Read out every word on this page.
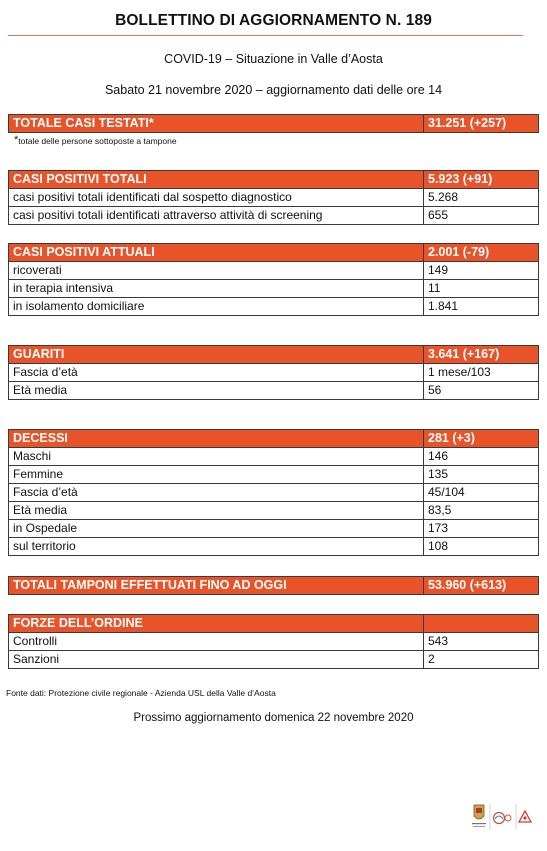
BOLLETTINO DI AGGIORNAMENTO N. 189
COVID-19 – Situazione in Valle d’Aosta
Sabato 21 novembre 2020 – aggiornamento dati delle ore 14
TOTALE CASI TESTATI*	31.251 (+257)
*totale delle persone sottoposte a tampone
CASI POSITIVI TOTALI	5.923 (+91)
casi positivi totali identificati dal sospetto diagnostico	5.268
casi positivi totali identificati attraverso attività di screening	655
CASI POSITIVI ATTUALI	2.001 (-79)
ricoverati	149
in terapia intensiva	11
in isolamento domiciliare	1.841
GUARITI	3.641 (+167)
Fascia d’età	1 mese/103
Età media	56
DECESSI	281 (+3)
Maschi	146
Femmine	135
Fascia d’età	45/104
Età media	83,5
in Ospedale	173
sul territorio	108
TOTALI TAMPONI EFFETTUATI FINO AD OGGI	53.960 (+613)
FORZE DELL’ORDINE	
Controlli	543
Sanzioni	2
Fonte dati: Protezione civile regionale - Azienda USL della Valle d’Aosta
Prossimo aggiornamento domenica 22 novembre 2020
